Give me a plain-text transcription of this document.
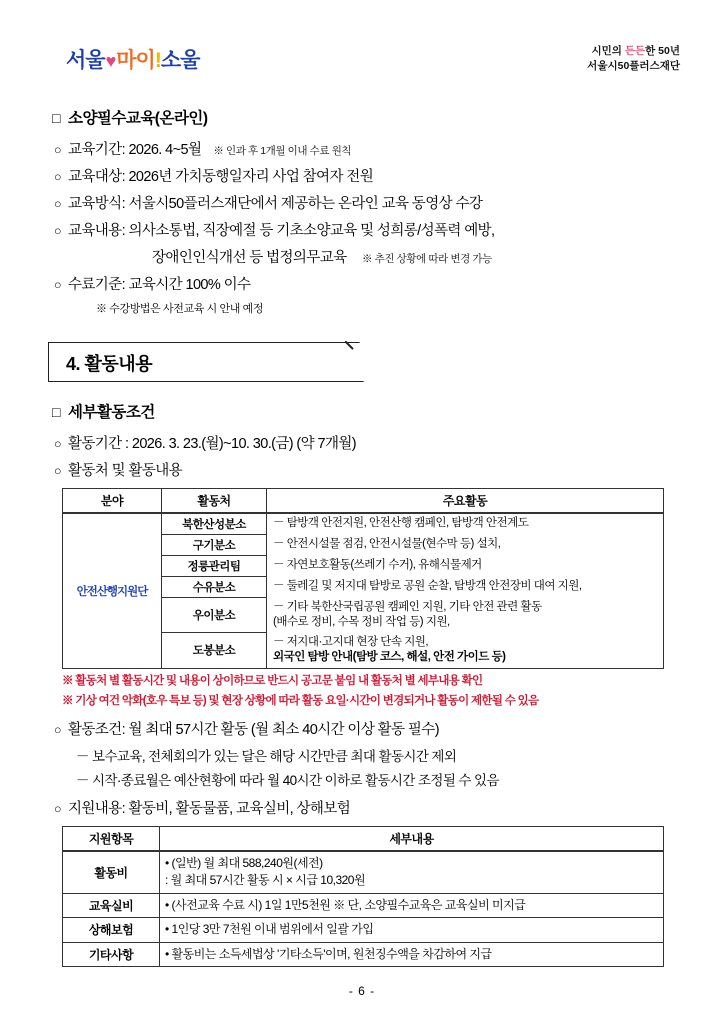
서울 ♥ 마이 ! 소울	시민의 든든한 50년
서울시50플러스재단
□ 소양필수교육(온라인)
○ 교육기간: 2026. 4~5월 ※ 인과 후 1개월 이내 수료 원칙
○ 교육대상: 2026년 가치동행일자리 사업 참여자 전원
○ 교육방식: 서울시50플러스재단에서 제공하는 온라인 교육 동영상 수강
○ 교육내용: 의사소통법, 직장예절 등 기초소양교육 및 성희롱/성폭력 예방,
장애인인식개선 등 법정의무교육 ※ 추진 상황에 따라 변경 가능
○ 수료기준: 교육시간 100% 이수
※ 수강방법은 사전교육 시 안내 예정
4. 활동내용
□ 세부활동조건
○ 활동기간 : 2026. 3. 23.(월)~10. 30.(금) (약 7개월)
○ 활동처 및 활동내용
분야	활동처	주요활동
안전산행지원단	북한산성분소	－ 탐방객 안전지원, 안전산행 캠페인, 탐방객 안전계도
	구기분소	－ 안전시설물 점검, 안전시설물(현수막 등) 설치,
	정릉관리팀	－ 자연보호활동(쓰레기 수거), 유해식물제거
	수유분소	－ 둘레길 및 저지대 탐방로 공원 순찰, 탐방객 안전장비 대여 지원,
	우이분소	－ 기타 북한산국립공원 캠페인 지원, 기타 안전 관련 활동
(배수로 정비, 수목 정비 작업 등) 지원,

	도봉분소	－ 저지대·고지대 현장 단속 지원,
외국인 탐방 안내(탐방 코스, 해설, 안전 가이드 등)
※ 활동처 별 활동시간 및 내용이 상이하므로 반드시 공고문 붙임 내 활동처 별 세부내용 확인
※ 기상 여건 악화(호우 특보 등) 및 현장 상황에 따라 활동 요일·시간이 변경되거나 활동이 제한될 수 있음
○ 활동조건: 월 최대 57시간 활동 (월 최소 40시간 이상 활동 필수)
－ 보수교육, 전체회의가 있는 달은 해당 시간만큼 최대 활동시간 제외
－ 시작·종료월은 예산현황에 따라 월 40시간 이하로 활동시간 조정될 수 있음
○ 지원내용: 활동비, 활동물품, 교육실비, 상해보험
지원항목	세부내용
활동비	• (일반) 월 최대 588,240원(세전)
: 월 최대 57시간 활동 시 × 시급 10,320원

교육실비	• (사전교육 수료 시) 1일 1만5천원 ※ 단, 소양필수교육은 교육실비 미지급
상해보험	• 1인당 3만 7천원 이내 범위에서 일괄 가입
기타사항	• 활동비는 소득세법상 '기타소득'이며, 원천징수액을 차감하여 지급
- 6 -
